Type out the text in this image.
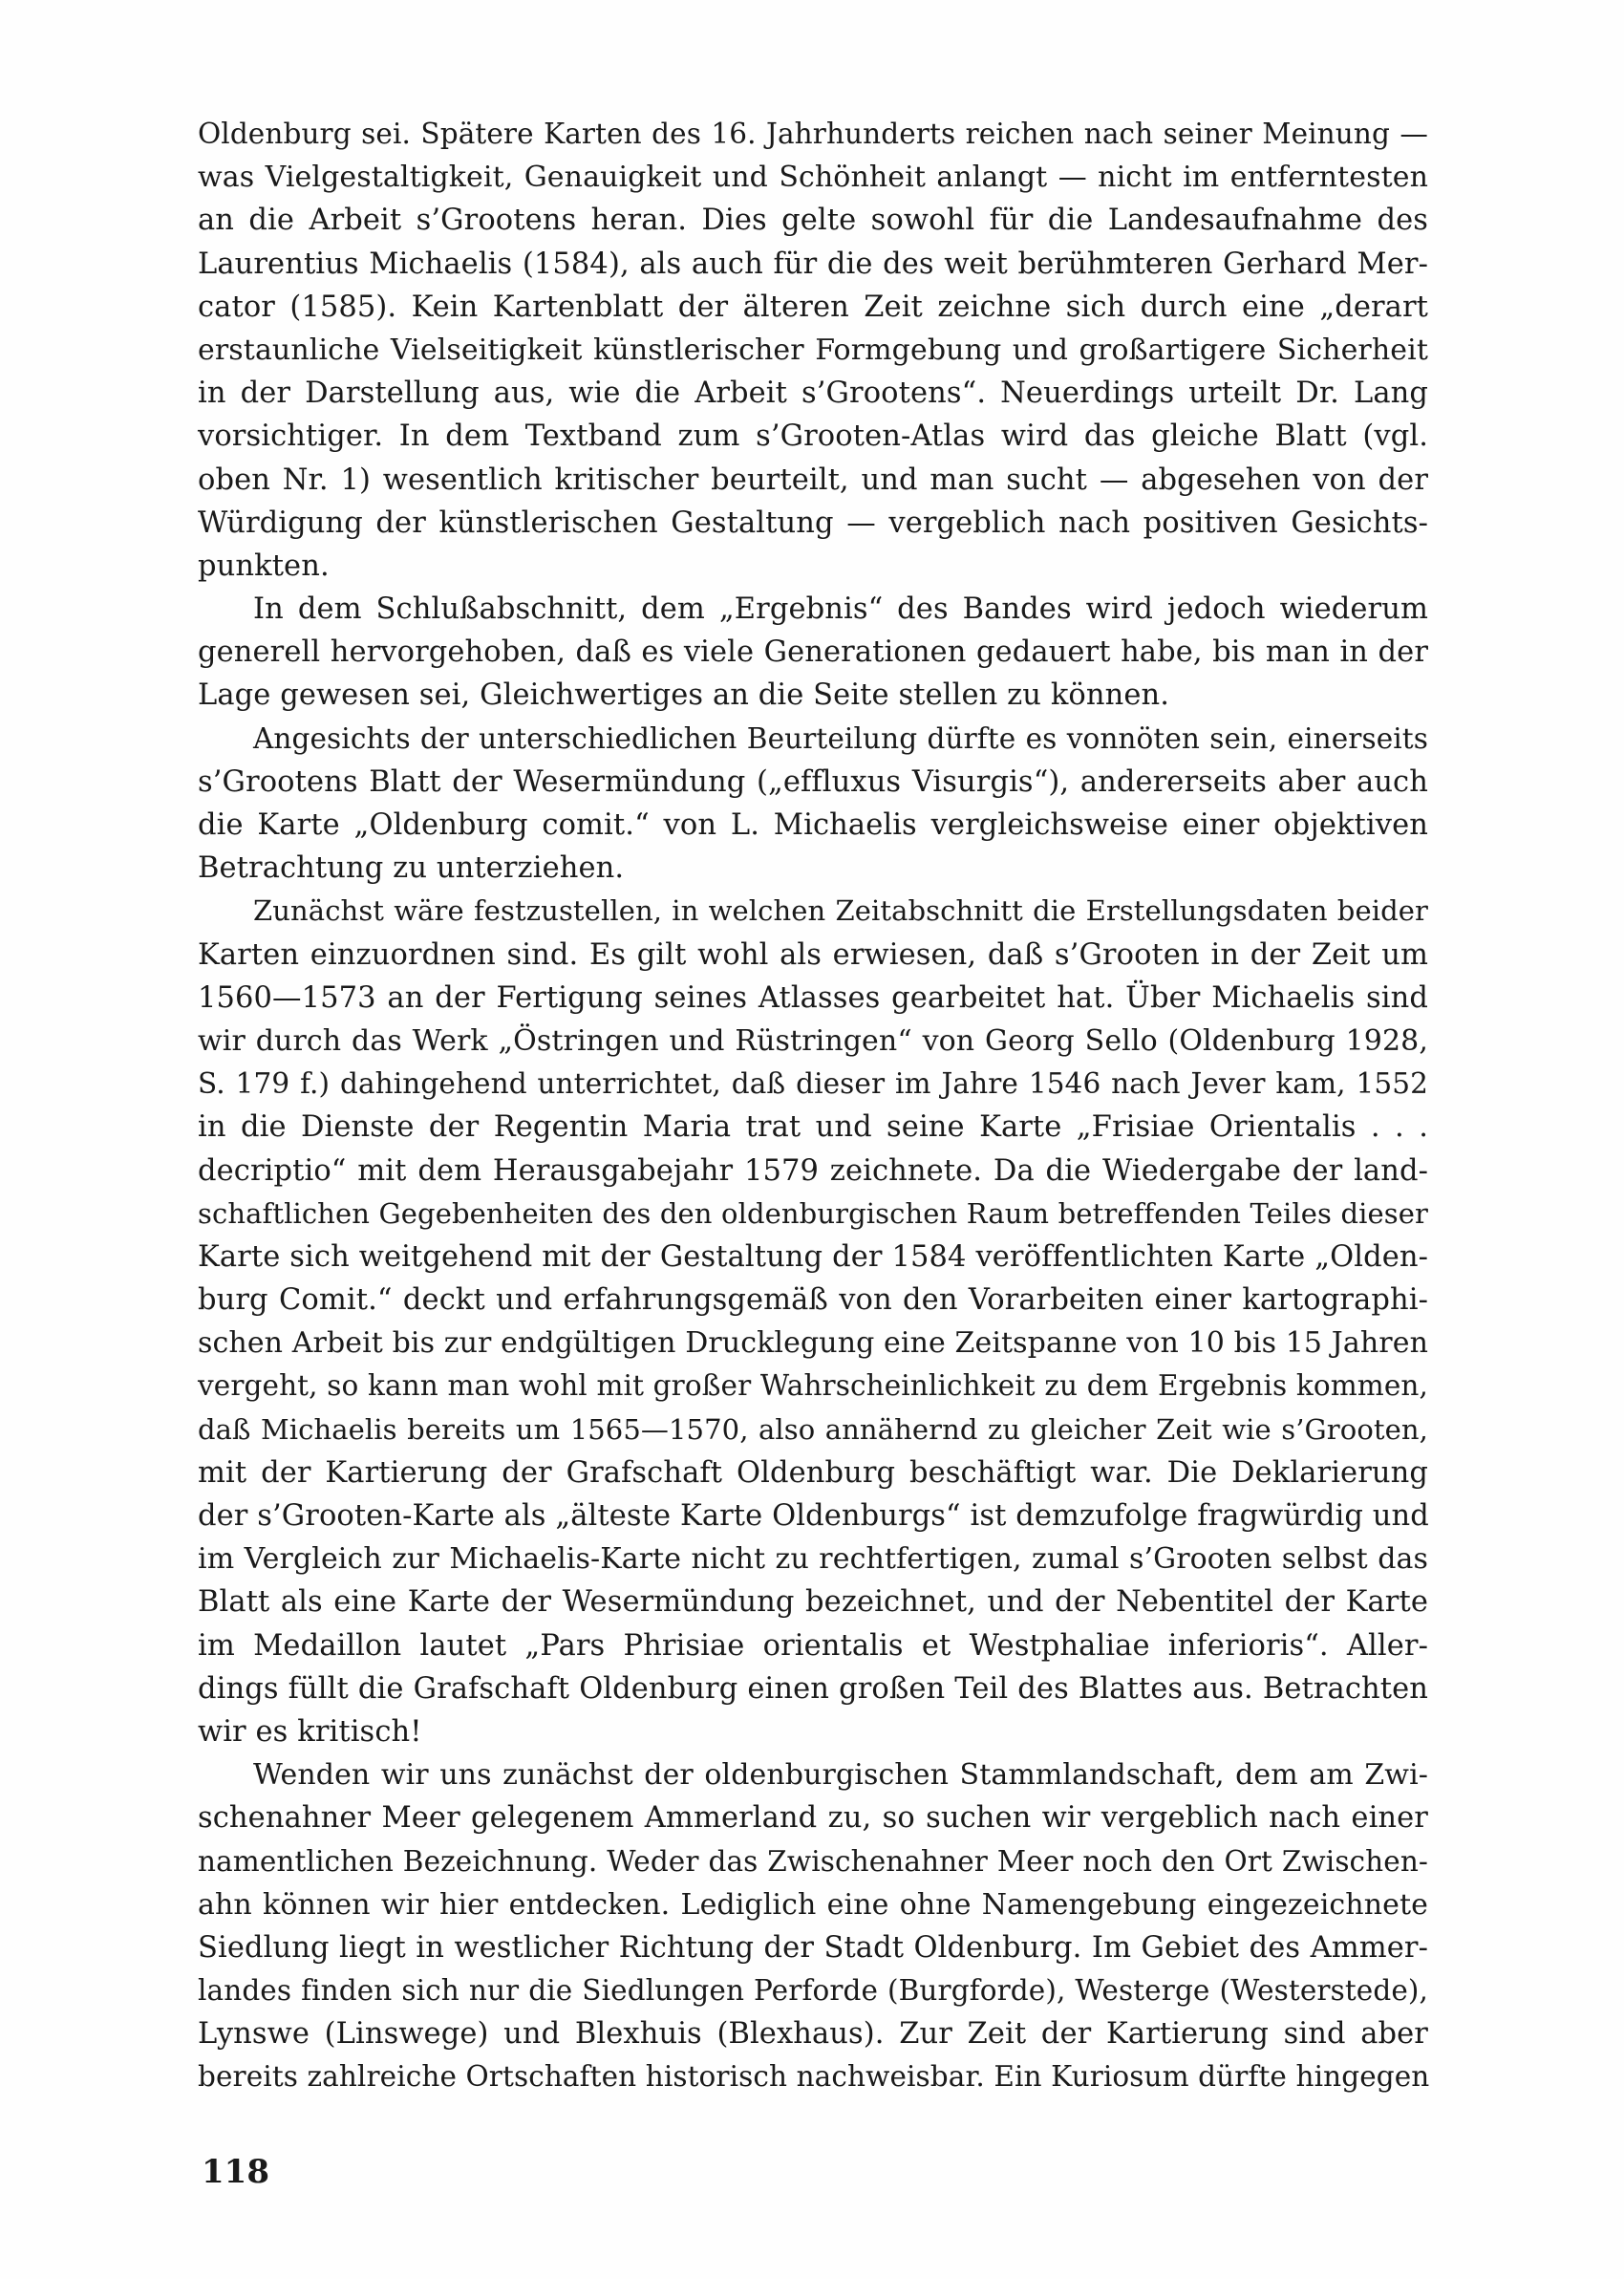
Oldenburg sei. Spätere Karten des 16. Jahrhunderts reichen nach seiner Meinung —
was Vielgestaltigkeit, Genauigkeit und Schönheit anlangt — nicht im entferntesten
an die Arbeit s’Grootens heran. Dies gelte sowohl für die Landesaufnahme des
Laurentius Michaelis (1584), als auch für die des weit berühmteren Gerhard Mer-
cator (1585). Kein Kartenblatt der älteren Zeit zeichne sich durch eine „derart
erstaunliche Vielseitigkeit künstlerischer Formgebung und großartigere Sicherheit
in der Darstellung aus, wie die Arbeit s’Grootens“. Neuerdings urteilt Dr. Lang
vorsichtiger. In dem Textband zum s’Grooten-Atlas wird das gleiche Blatt (vgl.
oben Nr. 1) wesentlich kritischer beurteilt, und man sucht — abgesehen von der
Würdigung der künstlerischen Gestaltung — vergeblich nach positiven Gesichts-
punkten.
In dem Schlußabschnitt, dem „Ergebnis“ des Bandes wird jedoch wiederum
generell hervorgehoben, daß es viele Generationen gedauert habe, bis man in der
Lage gewesen sei, Gleichwertiges an die Seite stellen zu können.
Angesichts der unterschiedlichen Beurteilung dürfte es vonnöten sein, einerseits
s’Grootens Blatt der Wesermündung („effluxus Visurgis“), andererseits aber auch
die Karte „Oldenburg comit.“ von L. Michaelis vergleichsweise einer objektiven
Betrachtung zu unterziehen.
Zunächst wäre festzustellen, in welchen Zeitabschnitt die Erstellungsdaten beider
Karten einzuordnen sind. Es gilt wohl als erwiesen, daß s’Grooten in der Zeit um
1560—1573 an der Fertigung seines Atlasses gearbeitet hat. Über Michaelis sind
wir durch das Werk „Östringen und Rüstringen“ von Georg Sello (Oldenburg 1928,
S. 179 f.) dahingehend unterrichtet, daß dieser im Jahre 1546 nach Jever kam, 1552
in die Dienste der Regentin Maria trat und seine Karte „Frisiae Orientalis . . .
decriptio“ mit dem Herausgabejahr 1579 zeichnete. Da die Wiedergabe der land-
schaftlichen Gegebenheiten des den oldenburgischen Raum betreffenden Teiles dieser
Karte sich weitgehend mit der Gestaltung der 1584 veröffentlichten Karte „Olden-
burg Comit.“ deckt und erfahrungsgemäß von den Vorarbeiten einer kartographi-
schen Arbeit bis zur endgültigen Drucklegung eine Zeitspanne von 10 bis 15 Jahren
vergeht, so kann man wohl mit großer Wahrscheinlichkeit zu dem Ergebnis kommen,
daß Michaelis bereits um 1565—1570, also annähernd zu gleicher Zeit wie s’Grooten,
mit der Kartierung der Grafschaft Oldenburg beschäftigt war. Die Deklarierung
der s’Grooten-Karte als „älteste Karte Oldenburgs“ ist demzufolge fragwürdig und
im Vergleich zur Michaelis-Karte nicht zu rechtfertigen, zumal s’Grooten selbst das
Blatt als eine Karte der Wesermündung bezeichnet, und der Nebentitel der Karte
im Medaillon lautet „Pars Phrisiae orientalis et Westphaliae inferioris“. Aller-
dings füllt die Grafschaft Oldenburg einen großen Teil des Blattes aus. Betrachten
wir es kritisch!
Wenden wir uns zunächst der oldenburgischen Stammlandschaft, dem am Zwi-
schenahner Meer gelegenem Ammerland zu, so suchen wir vergeblich nach einer
namentlichen Bezeichnung. Weder das Zwischenahner Meer noch den Ort Zwischen-
ahn können wir hier entdecken. Lediglich eine ohne Namengebung eingezeichnete
Siedlung liegt in westlicher Richtung der Stadt Oldenburg. Im Gebiet des Ammer-
landes finden sich nur die Siedlungen Perforde (Burgforde), Westerge (Westerstede),
Lynswe (Linswege) und Blexhuis (Blexhaus). Zur Zeit der Kartierung sind aber
bereits zahlreiche Ortschaften historisch nachweisbar. Ein Kuriosum dürfte hingegen
118
